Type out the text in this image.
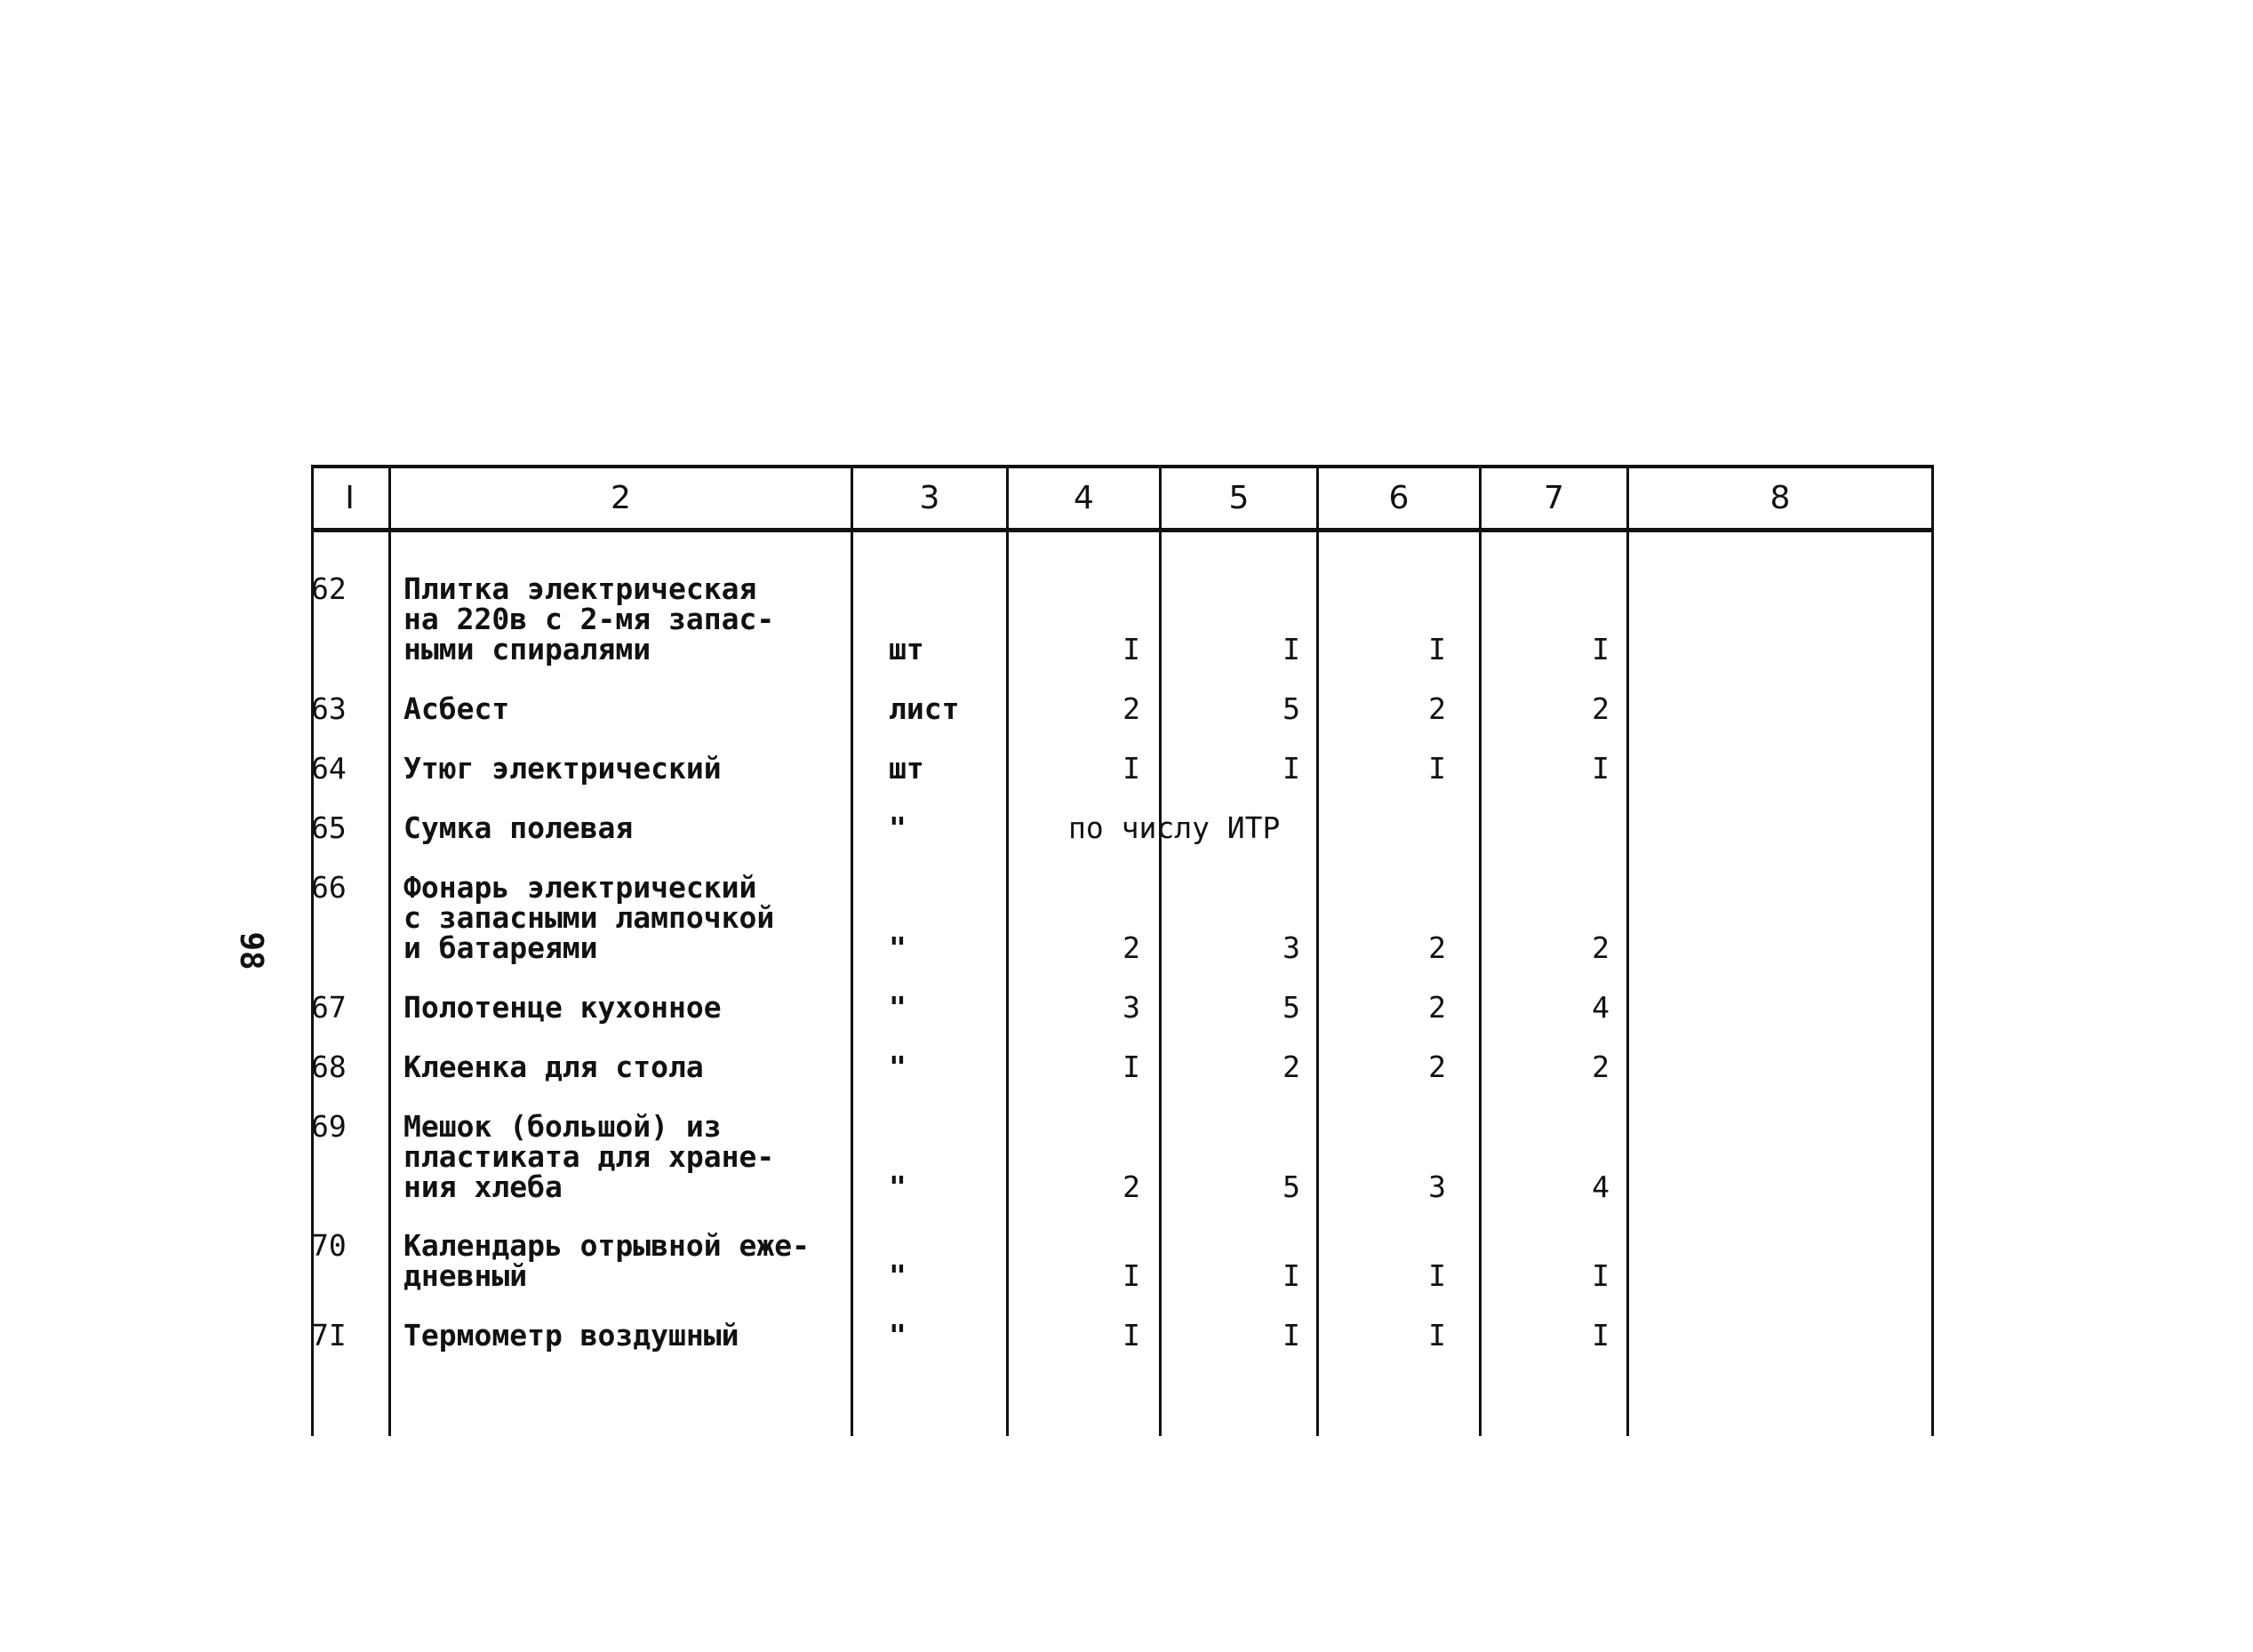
98
I	2	3	4	5	6	7	8
62	Плитка электрическая
на 220в с 2-мя запас-
ными спиралями	шт	I	I	I	I
63	Асбест	лист	2	5	2	2
64	Утюг электрический	шт	I	I	I	I
65	Сумка полевая	"	по числу ИТР
66	Фонарь электрический
с запасными лампочкой
и батареями	"	2	3	2	2
67	Полотенце кухонное	"	3	5	2	4
68	Клеенка для стола	"	I	2	2	2
69	Мешок (большой) из
пластиката для хране-
ния хлеба	"	2	5	3	4
70	Календарь отрывной еже-
дневный	"	I	I	I	I
7I	Термометр воздушный	"	I	I	I	I
